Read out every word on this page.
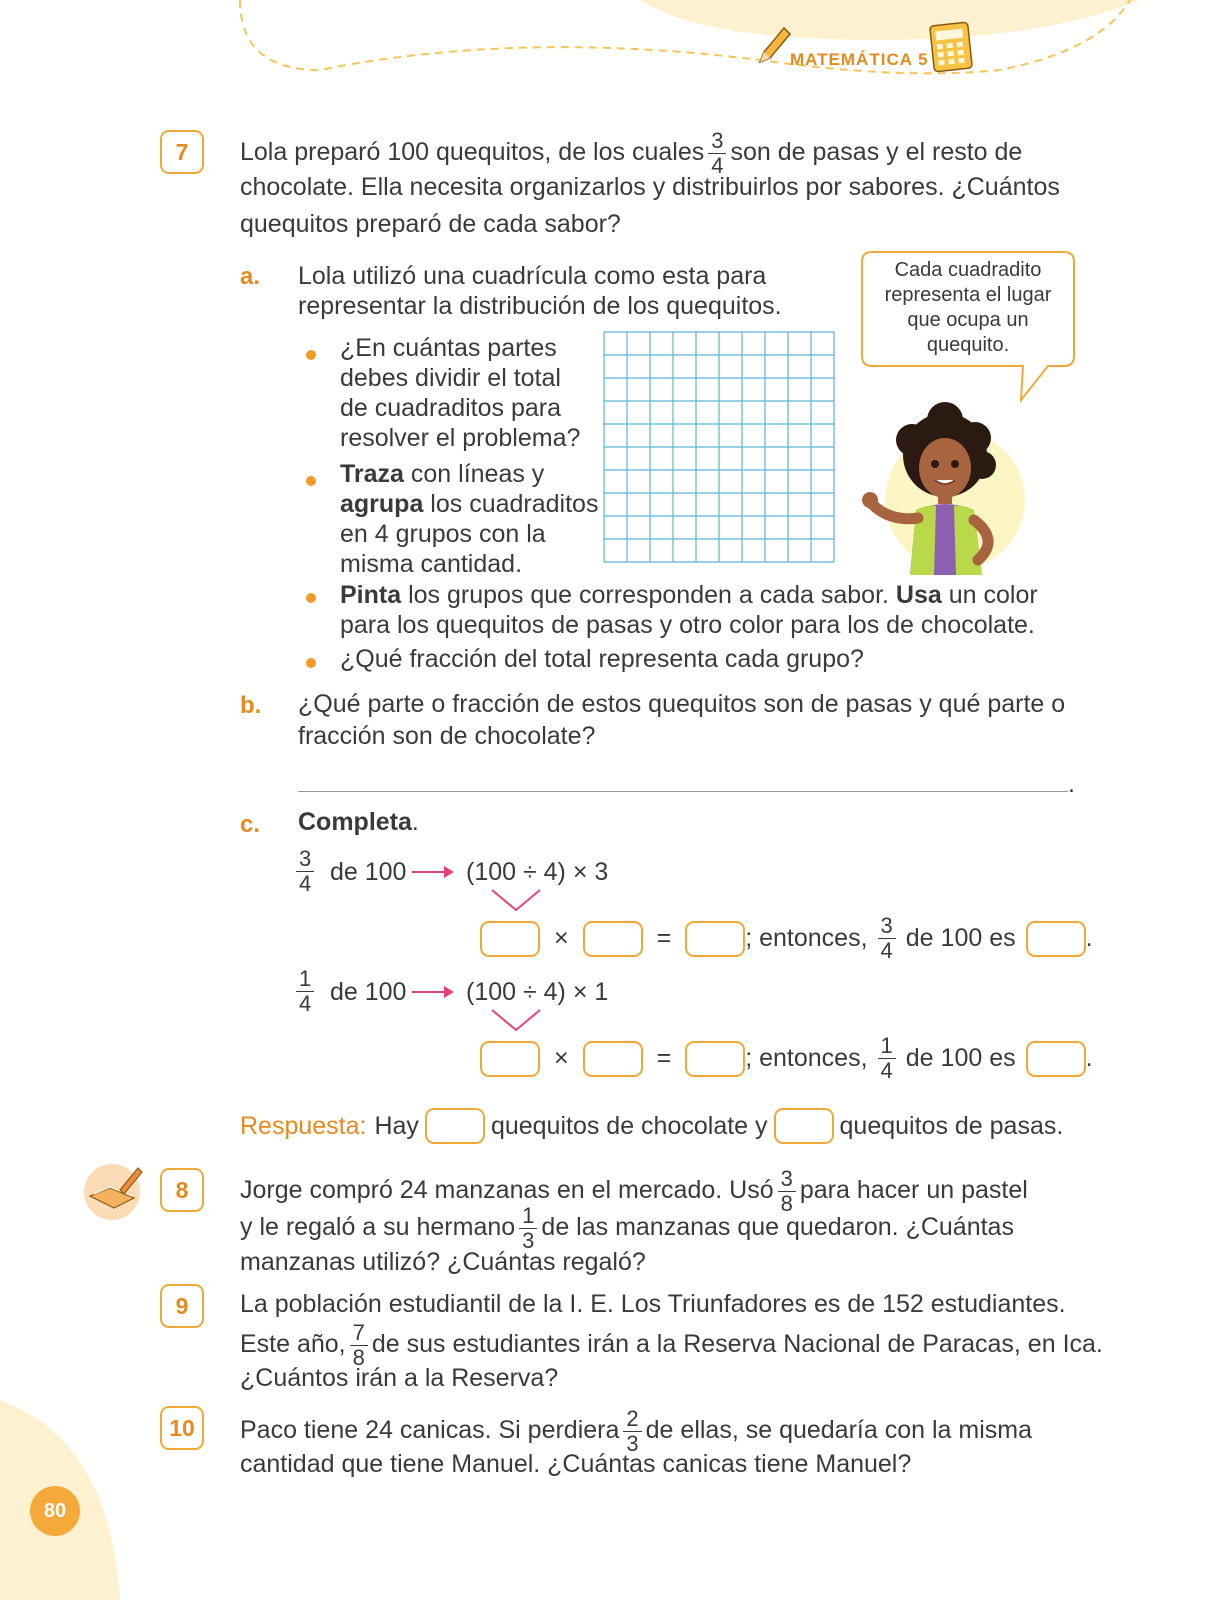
MATEMÁTICA 5
7	Lola preparó 100 quequitos, de los cuales $\frac{3}{4}$ son de pasas y el resto de
chocolate. Ella necesita organizarlos y distribuirlos por sabores. ¿Cuántos
quequitos preparó de cada sabor?
a. Lola utilizó una cuadrícula como esta para
representar la distribución de los quequitos.
¿En cuántas partes
debes dividir el total
de cuadraditos para
resolver el problema?
Traza con líneas y
agrupa los cuadraditos
en 4 grupos con la
misma cantidad.
Cada cuadradito
representa el lugar
que ocupa un
quequito.
Pinta los grupos que corresponden a cada sabor. Usa un color
para los quequitos de pasas y otro color para los de chocolate.
¿Qué fracción del total representa cada grupo?
b. ¿Qué parte o fracción de estos quequitos son de pasas y qué parte o
fracción son de chocolate?
.
c. Completa.
$\frac{3}{4}$ de 100 (100 ÷ 4) × 3
×	=	; entonces, $\frac{3}{4}$ de 100 es	.
$\frac{1}{4}$ de 100 (100 ÷ 4) × 1
×	=	; entonces, $\frac{1}{4}$ de 100 es	.
Respuesta: Hay	quequitos de chocolate y	quequitos de pasas.
8	Jorge compró 24 manzanas en el mercado. Usó $\frac{3}{8}$ para hacer un pastel
y le regaló a su hermano $\frac{1}{3}$ de las manzanas que quedaron. ¿Cuántas
manzanas utilizó? ¿Cuántas regaló?
9	La población estudiantil de la I. E. Los Triunfadores es de 152 estudiantes.
Este año, $\frac{7}{8}$ de sus estudiantes irán a la Reserva Nacional de Paracas, en Ica.
¿Cuántos irán a la Reserva?
10	Paco tiene 24 canicas. Si perdiera $\frac{2}{3}$ de ellas, se quedaría con la misma
cantidad que tiene Manuel. ¿Cuántas canicas tiene Manuel?
80
